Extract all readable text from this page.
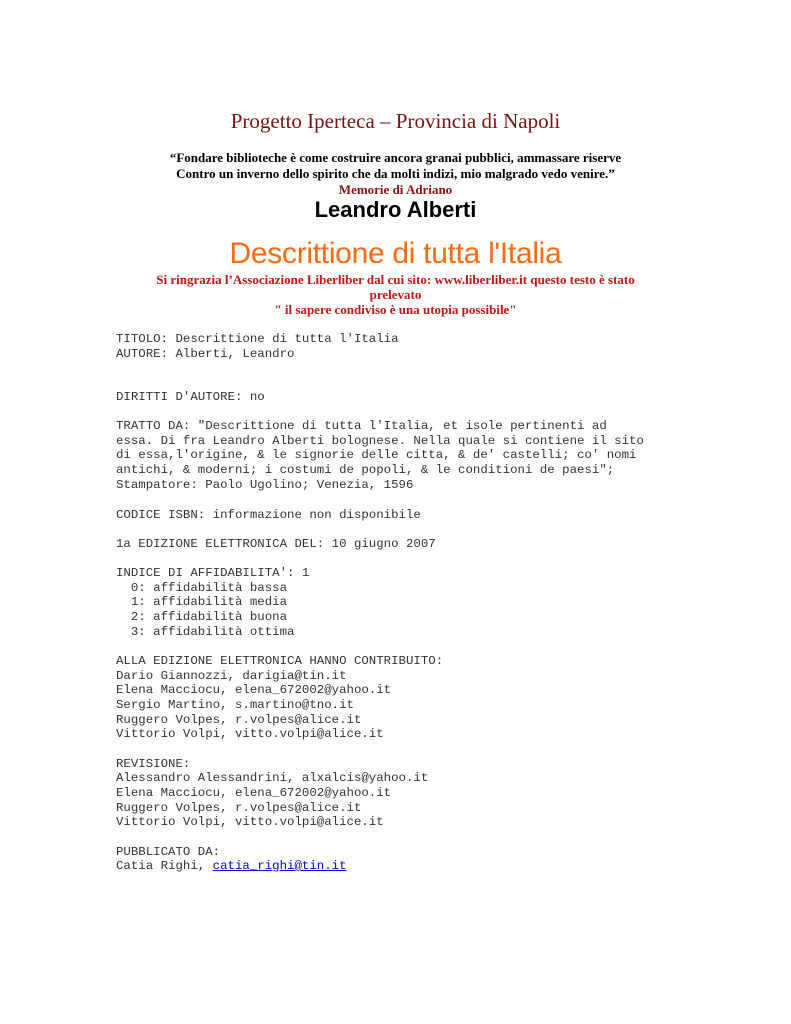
Progetto Iperteca – Provincia di Napoli
“Fondare biblioteche è come costruire ancora granai pubblici, ammassare riserve
Contro un inverno dello spirito che da molti indizi, mio malgrado vedo venire.”
Memorie di Adriano
Leandro Alberti
Descrittione di tutta l'Italia
Si ringrazia l’Associazione Liberliber dal cui sito: www.liberliber.it questo testo è stato
prelevato
" il sapere condiviso è una utopia possibile"
TITOLO: Descrittione di tutta l'Italia
AUTORE: Alberti, Leandro
DIRITTI D'AUTORE: no
TRATTO DA: "Descrittione di tutta l'Italia, et isole pertinenti ad
essa. Di fra Leandro Alberti bolognese. Nella quale si contiene il sito
di essa,l'origine, & le signorie delle citta, & de' castelli; co' nomi
antichi, & moderni; i costumi de popoli, & le conditioni de paesi";
Stampatore: Paolo Ugolino; Venezia, 1596
CODICE ISBN: informazione non disponibile
1a EDIZIONE ELETTRONICA DEL: 10 giugno 2007
INDICE DI AFFIDABILITA': 1
0: affidabilità bassa
1: affidabilità media
2: affidabilità buona
3: affidabilità ottima
ALLA EDIZIONE ELETTRONICA HANNO CONTRIBUITO:
Dario Giannozzi, darigia@tin.it
Elena Macciocu, elena_672002@yahoo.it
Sergio Martino, s.martino@tno.it
Ruggero Volpes, r.volpes@alice.it
Vittorio Volpi, vitto.volpi@alice.it
REVISIONE:
Alessandro Alessandrini, alxalcis@yahoo.it
Elena Macciocu, elena_672002@yahoo.it
Ruggero Volpes, r.volpes@alice.it
Vittorio Volpi, vitto.volpi@alice.it
PUBBLICATO DA:
Catia Righi, catia_righi@tin.it
